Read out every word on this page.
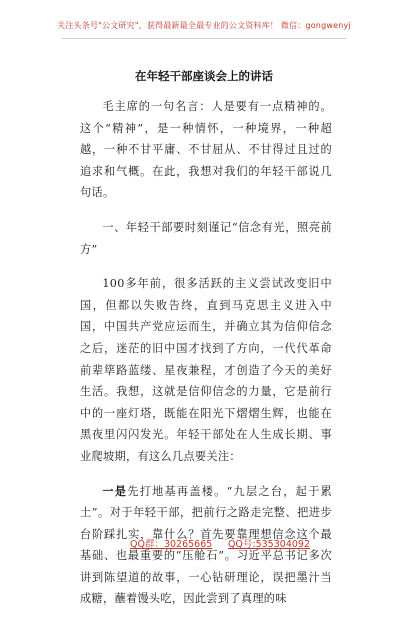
关注头条号"公文研究"，获得最新最全最专业的公文资料库！ 微信：gongwenyj
在年轻干部座谈会上的讲话

毛主席的一句名言：人是要有一点精神的。这个“精神”，是一种情怀，一种境界，一种超越，一种不甘平庸、不甘屈从、不甘得过且过的追求和气概。在此，我想对我们的年轻干部说几句话。

一、年轻干部要时刻谨记“信念有光，照亮前方”

100多年前，很多活跃的主义尝试改变旧中国，但都以失败告终，直到马克思主义进入中国，中国共产党应运而生，并确立其为信仰信念之后，迷茫的旧中国才找到了方向，一代代革命前辈筚路蓝缕、星夜兼程，才创造了今天的美好生活。我想，这就是信仰信念的力量，它是前行中的一座灯塔，既能在阳光下熠熠生辉，也能在黑夜里闪闪发光。年轻干部处在人生成长期、事业爬坡期，有这么几点要关注：

一是先打地基再盖楼。“九层之台，起于累土”。对于年轻干部，把前行之路走完整、把进步台阶踩扎实，靠什么？首先要靠理想信念这个最基础、也最重要的“压舱石”。习近平总书记多次讲到陈望道的故事，一心钻研理论，误把墨汁当成糖，蘸着馒头吃，因此尝到了真理的味

QQ群：30265665 QQ号:535304092
